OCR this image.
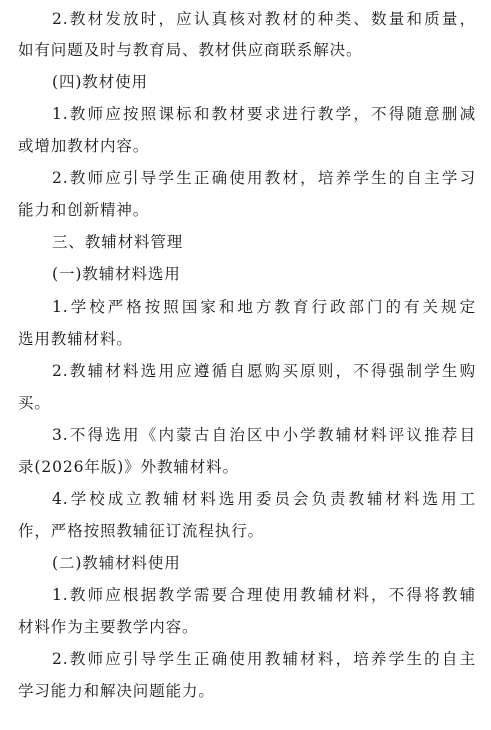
2.教材发放时，应认真核对教材的种类、数量和质量，
如有问题及时与教育局、教材供应商联系解决。
(四)教材使用
1.教师应按照课标和教材要求进行教学，不得随意删减
或增加教材内容。
2.教师应引导学生正确使用教材，培养学生的自主学习
能力和创新精神。
三、教辅材料管理
(一)教辅材料选用
1.学校严格按照国家和地方教育行政部门的有关规定
选用教辅材料。
2.教辅材料选用应遵循自愿购买原则，不得强制学生购
买。
3.不得选用《内蒙古自治区中小学教辅材料评议推荐目
录(2026年版)》外教辅材料。
4.学校成立教辅材料选用委员会负责教辅材料选用工
作，严格按照教辅征订流程执行。
(二)教辅材料使用
1.教师应根据教学需要合理使用教辅材料，不得将教辅
材料作为主要教学内容。
2.教师应引导学生正确使用教辅材料，培养学生的自主
学习能力和解决问题能力。
